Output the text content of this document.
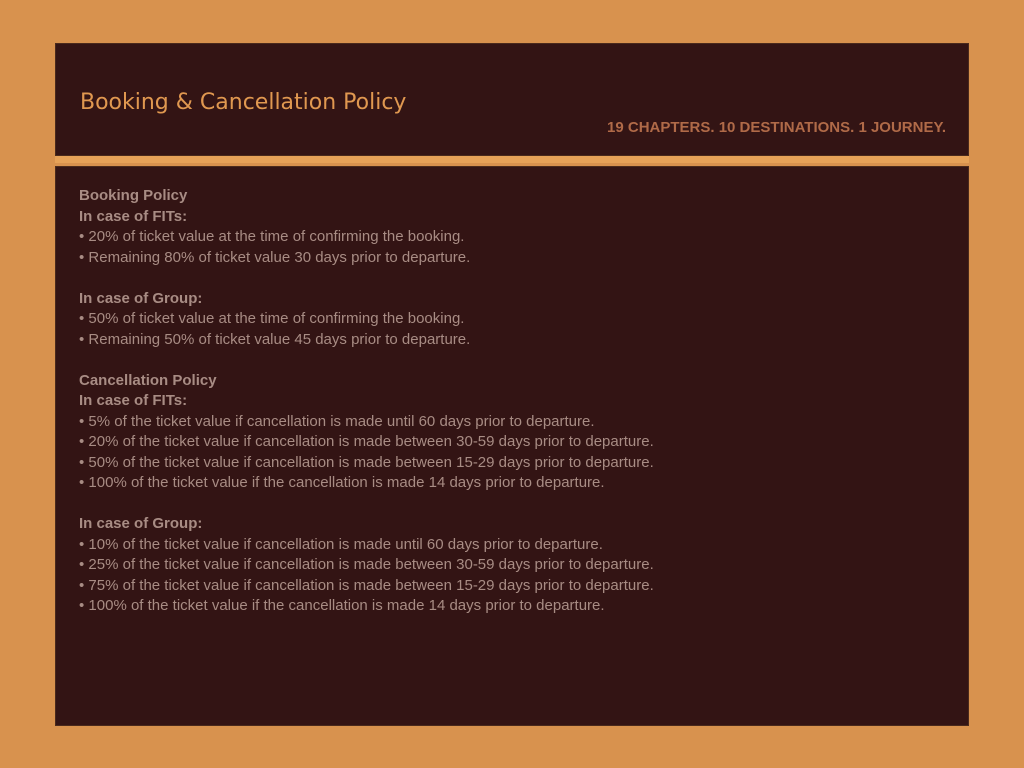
Booking & Cancellation Policy

19 CHAPTERS. 10 DESTINATIONS. 1 JOURNEY.

Booking Policy
In case of FITs:
• 20% of ticket value at the time of confirming the booking.
• Remaining 80% of ticket value 30 days prior to departure.
In case of Group:
• 50% of ticket value at the time of confirming the booking.
• Remaining 50% of ticket value 45 days prior to departure.
Cancellation Policy
In case of FITs:
• 5% of the ticket value if cancellation is made until 60 days prior to departure.
• 20% of the ticket value if cancellation is made between 30-59 days prior to departure.
• 50% of the ticket value if cancellation is made between 15-29 days prior to departure.
• 100% of the ticket value if the cancellation is made 14 days prior to departure.
In case of Group:
• 10% of the ticket value if cancellation is made until 60 days prior to departure.
• 25% of the ticket value if cancellation is made between 30-59 days prior to departure.
• 75% of the ticket value if cancellation is made between 15-29 days prior to departure.
• 100% of the ticket value if the cancellation is made 14 days prior to departure.
